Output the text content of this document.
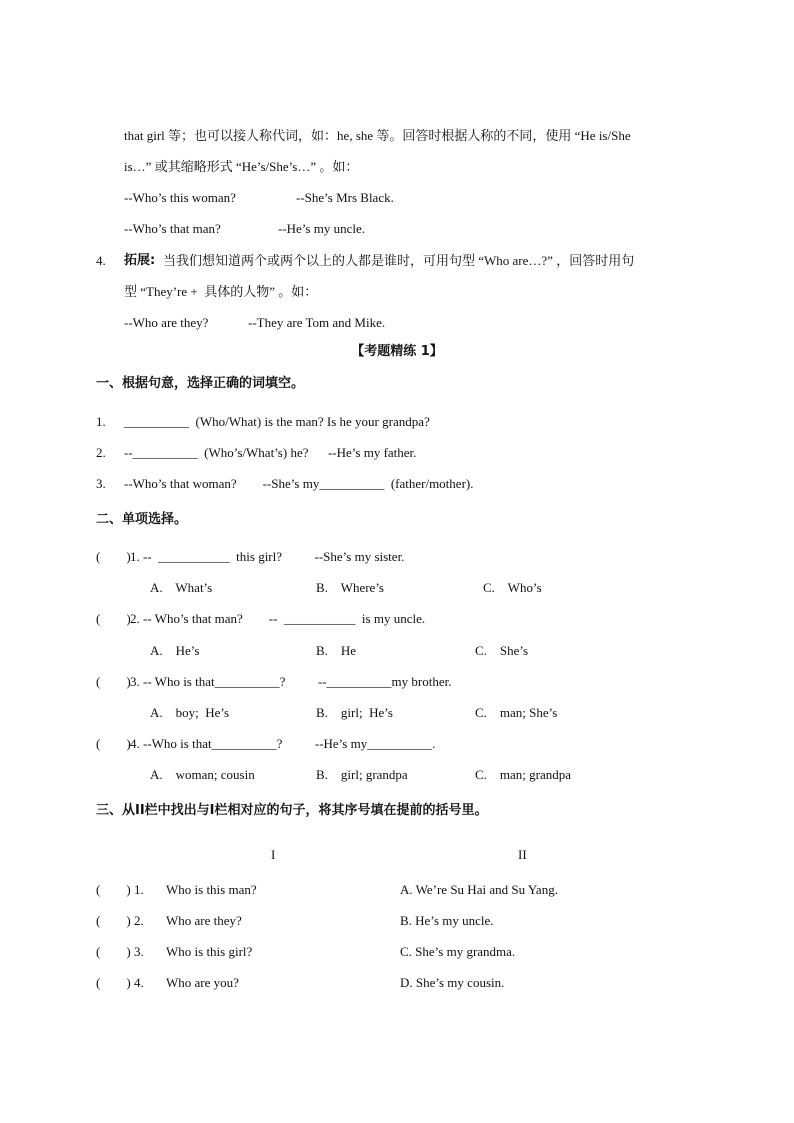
that girl 等；也可以接人称代词，如：he, she 等。回答时根据人称的不同，使用 “He is/She
is…” 或其缩略形式 “He’s/She’s…” 。如：
--Who’s this woman?	--She’s Mrs Black.
--Who’s that man?	--He’s my uncle.
4. 拓展: 当我们想知道两个或两个以上的人都是谁时，可用句型 “Who are…?” ，回答时用句
型 “They’re +  具体的人物” 。如：
--Who are they?	--They are Tom and Mike.
【考题精练 1】
一、根据句意，选择正确的词填空。
1. __________  (Who/What) is the man? Is he your grandpa?
2. --__________  (Who’s/What’s) he?      --He’s my father.
3. --Who’s that woman?        --She’s my__________  (father/mother).
二、单项选择。
(        ) 1. --  ___________  this girl?          --She’s my sister.
A.    What’s	B.    Where’s	C.    Who’s
(        ) 2. -- Who’s that man?        --  ___________  is my uncle.
A.    He’s	B.    He	C.    She’s
(        ) 3. -- Who is that__________?          --__________my brother.
A.    boy;  He’s	B.    girl;  He’s	C.    man; She’s
(        ) 4. --Who is that__________?          --He’s my__________.
A.    woman; cousin	B.    girl; grandpa	C.    man; grandpa
三、从II栏中找出与I栏相对应的句子，将其序号填在提前的括号里。
I	II
(        ) 1. Who is this man?	A. We’re Su Hai and Su Yang.
(        ) 2. Who are they?	B. He’s my uncle.
(        ) 3. Who is this girl?	C. She’s my grandma.
(        ) 4. Who are you?	D. She’s my cousin.
